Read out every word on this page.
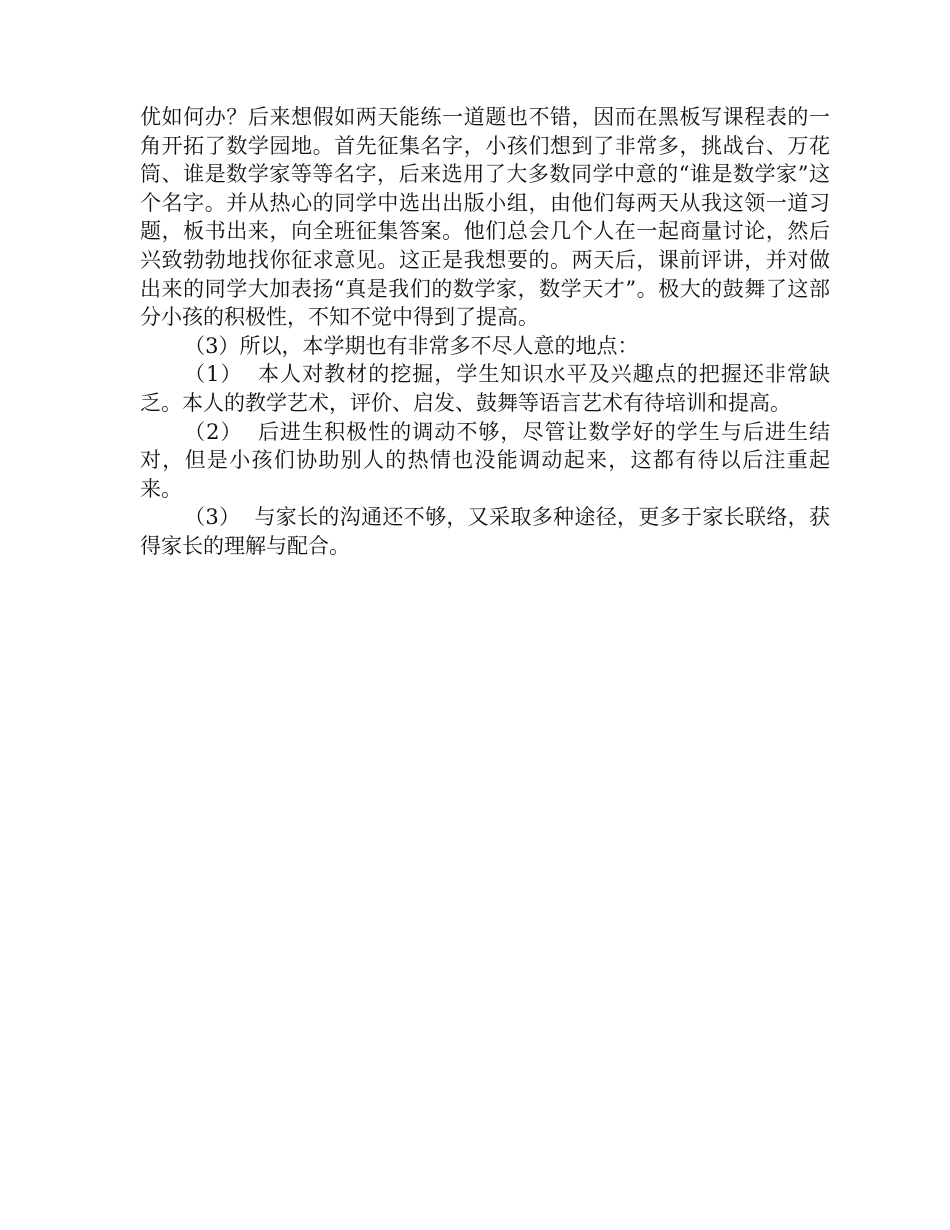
优如何办？后来想假如两天能练一道题也不错，因而在黑板写课程表的一角开拓了数学园地。首先征集名字，小孩们想到了非常多，挑战台、万花筒、谁是数学家等等名字，后来选用了大多数同学中意的“谁是数学家”这个名字。并从热心的同学中选出出版小组，由他们每两天从我这领一道习题，板书出来，向全班征集答案。他们总会几个人在一起商量讨论，然后兴致勃勃地找你征求意见。这正是我想要的。两天后，课前评讲，并对做出来的同学大加表扬“真是我们的数学家，数学天才”。极大的鼓舞了这部分小孩的积极性，不知不觉中得到了提高。

（3）所以，本学期也有非常多不尽人意的地点：

（1）  本人对教材的挖掘，学生知识水平及兴趣点的把握还非常缺乏。本人的教学艺术，评价、启发、鼓舞等语言艺术有待培训和提高。

（2）  后进生积极性的调动不够，尽管让数学好的学生与后进生结对，但是小孩们协助别人的热情也没能调动起来，这都有待以后注重起来。

（3）  与家长的沟通还不够，又采取多种途径，更多于家长联络，获得家长的理解与配合。
